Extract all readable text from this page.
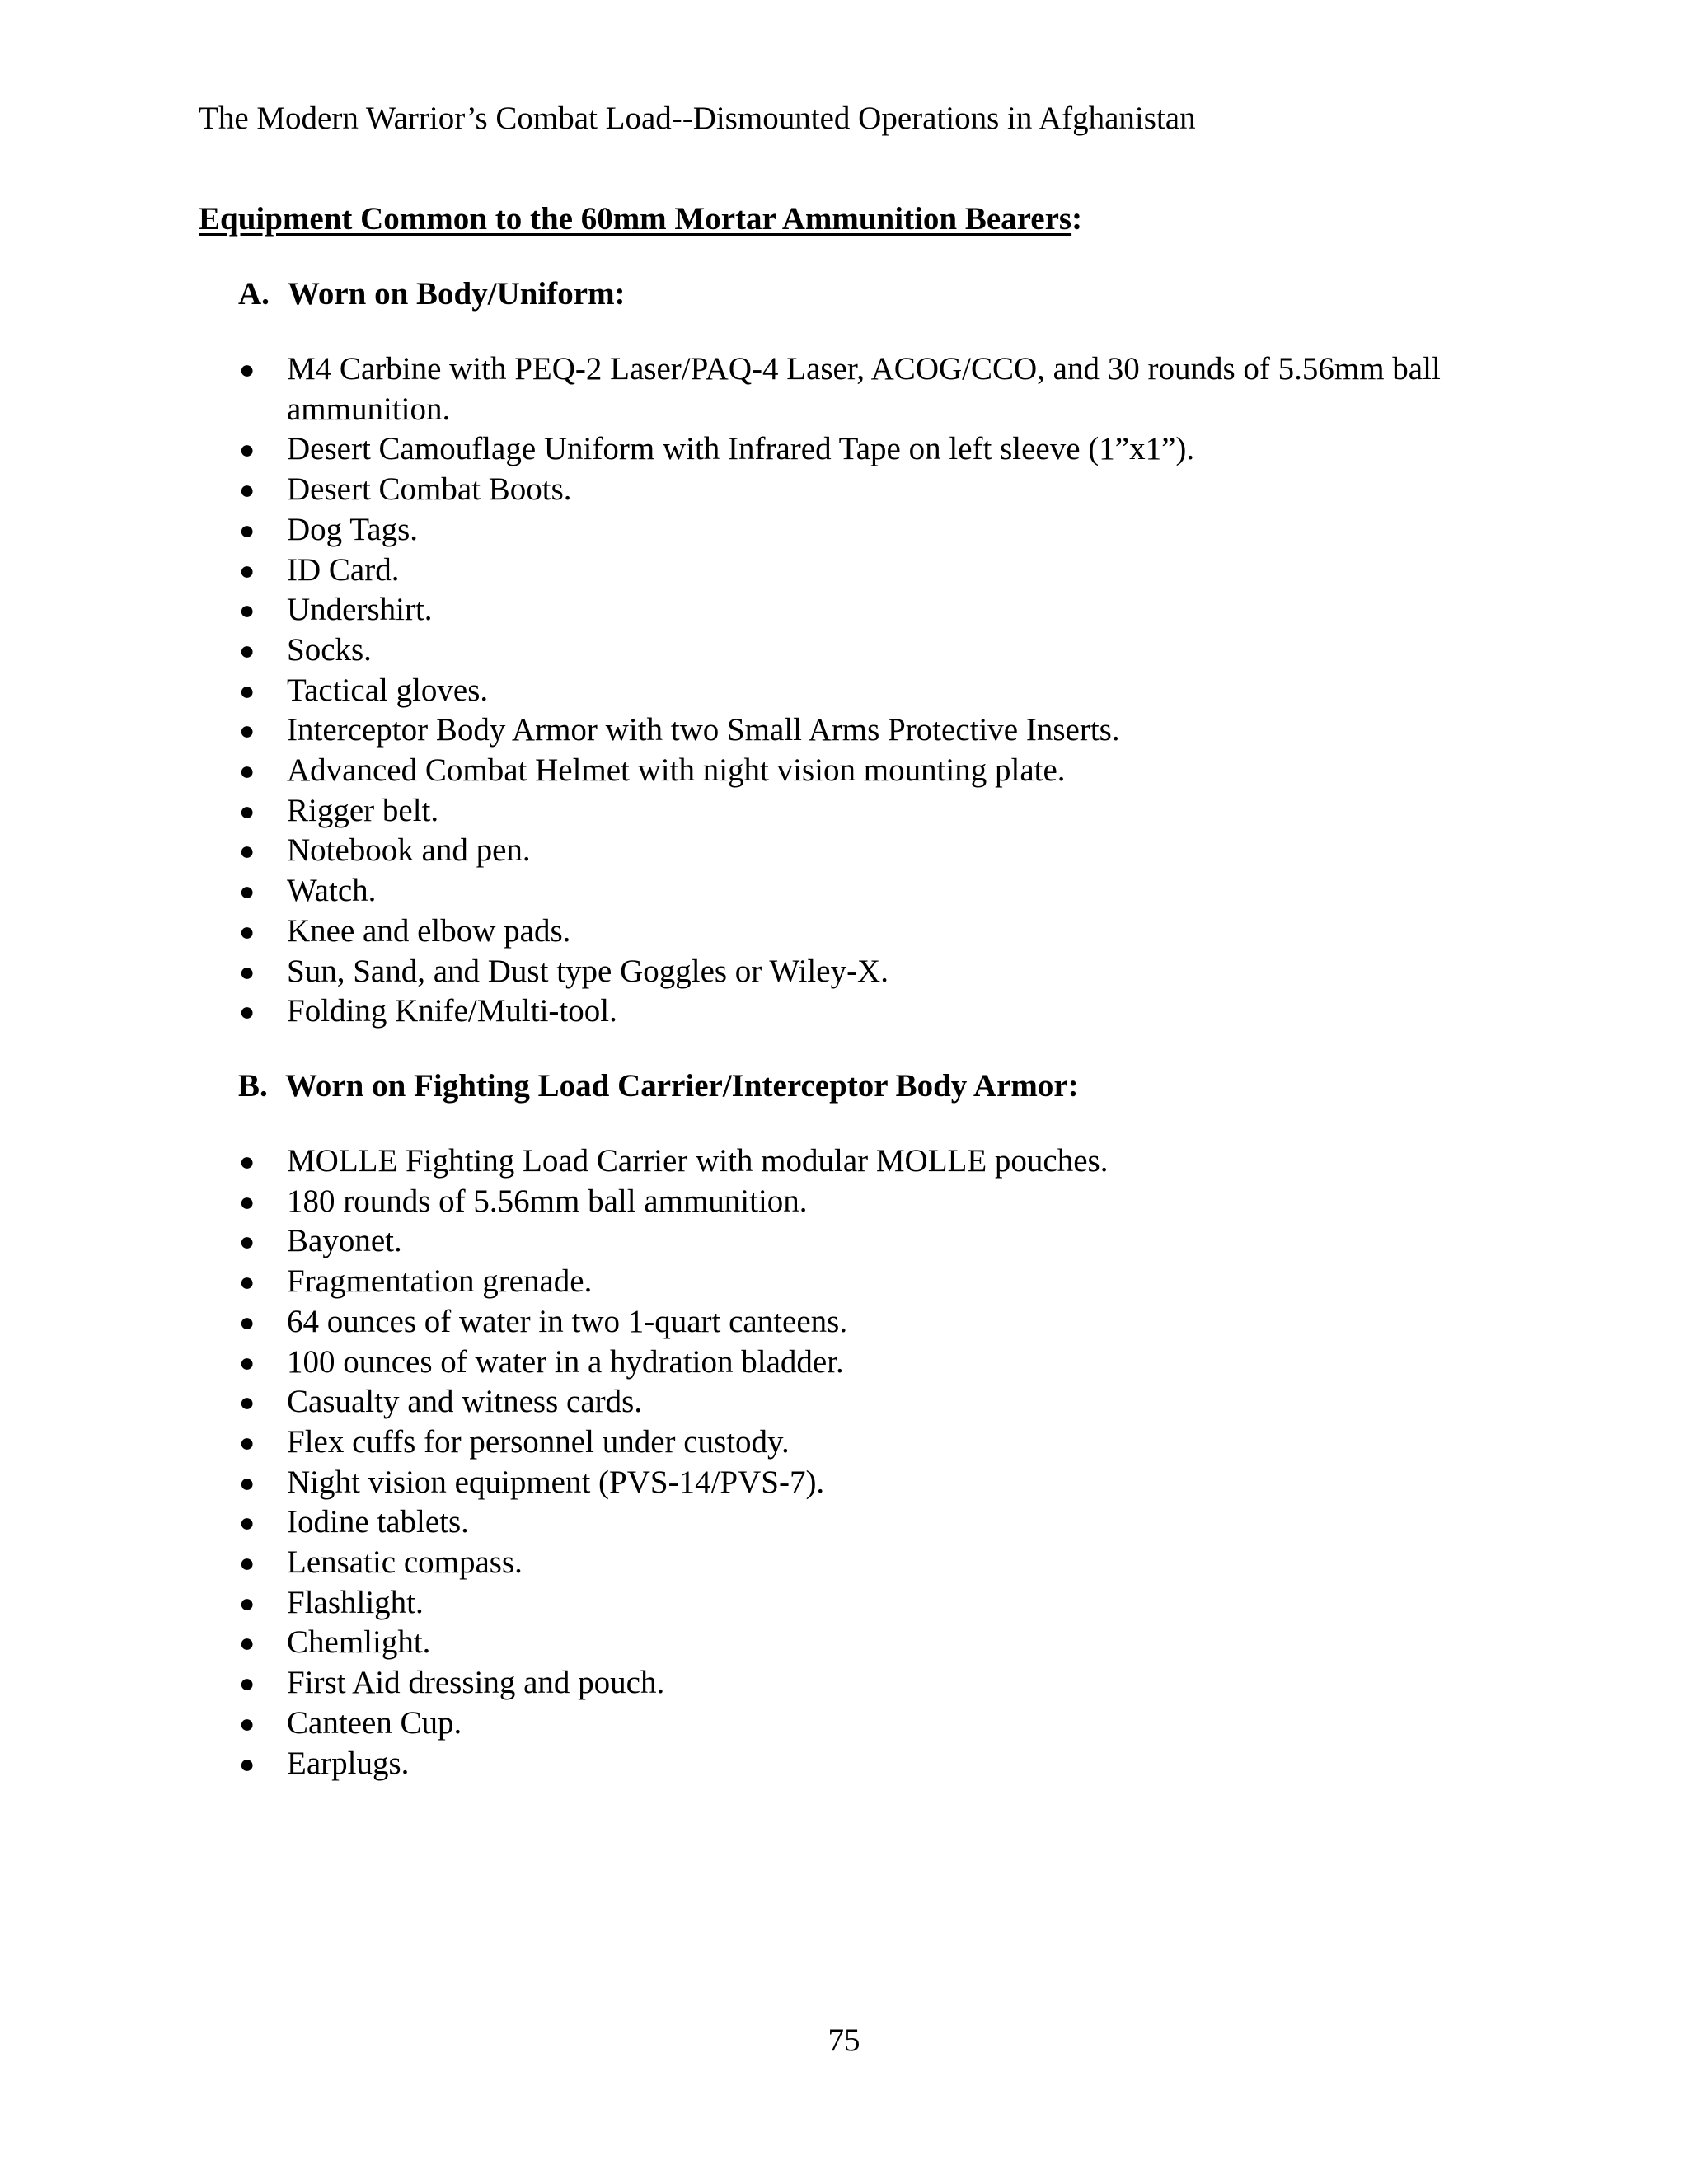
The Modern Warrior’s Combat Load--Dismounted Operations in Afghanistan
Equipment Common to the 60mm Mortar Ammunition Bearers:
A. Worn on Body/Uniform:
● M4 Carbine with PEQ-2 Laser/PAQ-4 Laser, ACOG/CCO, and 30 rounds of 5.56mm ball ammunition.
● Desert Camouflage Uniform with Infrared Tape on left sleeve (1”x1”).
● Desert Combat Boots.
● Dog Tags.
● ID Card.
● Undershirt.
● Socks.
● Tactical gloves.
● Interceptor Body Armor with two Small Arms Protective Inserts.
● Advanced Combat Helmet with night vision mounting plate.
● Rigger belt.
● Notebook and pen.
● Watch.
● Knee and elbow pads.
● Sun, Sand, and Dust type Goggles or Wiley-X.
● Folding Knife/Multi-tool.
B. Worn on Fighting Load Carrier/Interceptor Body Armor:
● MOLLE Fighting Load Carrier with modular MOLLE pouches.
● 180 rounds of 5.56mm ball ammunition.
● Bayonet.
● Fragmentation grenade.
● 64 ounces of water in two 1-quart canteens.
● 100 ounces of water in a hydration bladder.
● Casualty and witness cards.
● Flex cuffs for personnel under custody.
● Night vision equipment (PVS-14/PVS-7).
● Iodine tablets.
● Lensatic compass.
● Flashlight.
● Chemlight.
● First Aid dressing and pouch.
● Canteen Cup.
● Earplugs.
75
